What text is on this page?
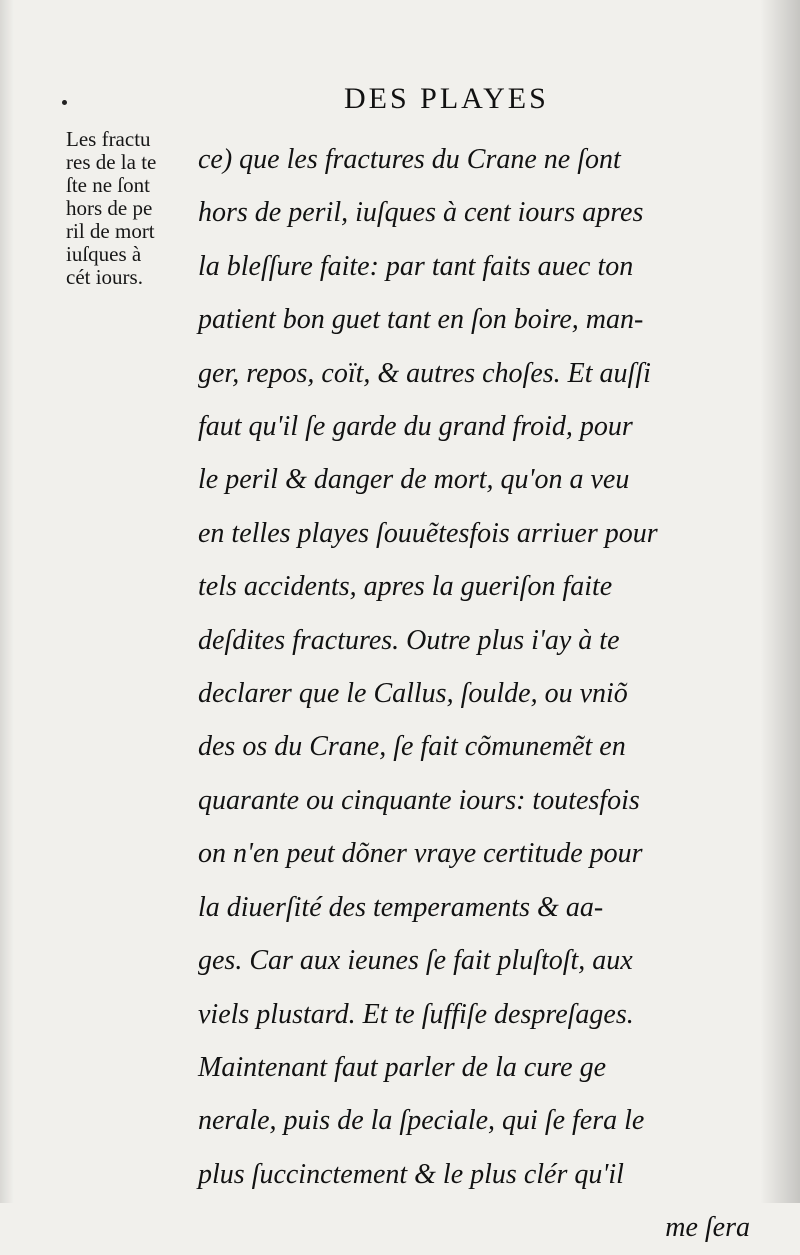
DES PLAYES
Les fractu
res de la te
ſte ne ſont
hors de pe
ril de mort
iuſques à
cét iours.
ce) que les fractures du Crane ne ſont
hors de peril, iuſques à cent iours apres
la bleſſure faite: par tant faits auec ton
patient bon guet tant en ſon boire, man-
ger, repos, coït, & autres choſes. Et auſſi
faut qu'il ſe garde du grand froid, pour
le peril & danger de mort, qu'on a veu
en telles playes ſouuẽtesfois arriuer pour
tels accidents, apres la gueriſon faite
deſdites fractures. Outre plus i'ay à te
declarer que le Callus, ſoulde, ou vniõ
des os du Crane, ſe fait cõmunemẽt en
quarante ou cinquante iours: toutesfois
on n'en peut dõner vraye certitude pour
la diuerſité des temperaments & aa-
ges. Car aux ieunes ſe fait pluſtoſt, aux
viels plustard. Et te ſuffiſe despreſages.
Maintenant faut parler de la cure ge
nerale, puis de la ſpeciale, qui ſe fera le
plus ſuccinctement & le plus clér qu'il
me ſera
